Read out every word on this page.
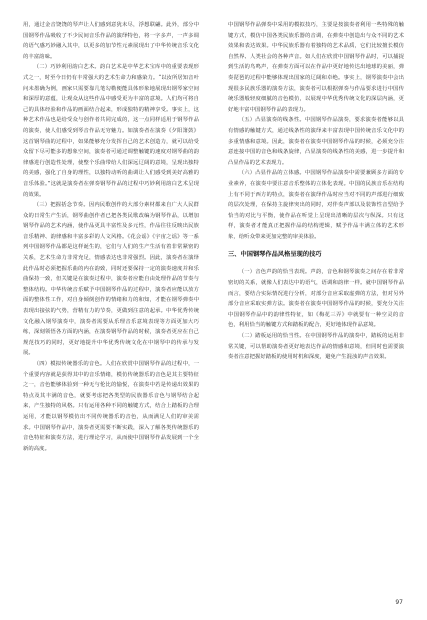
用，通过金音饶饶的琴声让人们感到意犹未尽，浮想联翩。此外，部分中国钢琴作品吸收了不少民间音乐作品的演绎特色，将一字多声，一声多调的语气感巧妙融入其中，以更多的加节性元素展现出了中华传统音乐文化的丰富韵味。

（二）巧妙利用韵白艺术。韵白艺术是中华艺术宝库中的重要表现形式之一，时至今日仍有丰常强大的艺术生命力和感染力。“以汝所居知音叶问未墨确为例，画家只需要靠几笔勾勒便能具体形象地展现出钢琴家空间和深厚的意蕴，让观众从这些作品中感受更为丰富的意境。人们均可将自己的具体经验和作品的画面结合起来，形成独特的精神享受。事实上，这种艺术作品也是给受众与创作者共同完成的，这一点同样适用于钢琴作品的演奏，使人们感受到琴音作品无穷魅力。如演奏者在演奏《夕阳箫鼓》这首钢琴曲的过程中，如果能够充分发挥自己的艺术创造力，就可以给受众留下尽可能多的想象空间，演奏者可通过调整触键的速度对钢琴曲的韵律感进行创造性处理，使整个乐曲带给人们深远辽阔的意境，呈现出独特的美感，强化了自身的理性，以独特动听的曲调让人们感受到美好高雅的音乐体验。”这就是演奏者在弹奏钢琴作品的过程中巧妙利用韵白艺术呈现的效果。

（三）把握括念节奏。因内民歌创作的大部分素材都来自广大人民群众的日常生产生活，钢琴曲创作者已把各类民歌改编为钢琴作品，以增加钢琴作品的艺术内涵，使作品更具丰富性及多元性，作品往往反映出民族音乐精神、韵律感和丰富多彩的人文风格。《花会谣》《宇宙之谣》等一系列中国钢琴作品都是这样诞生的，它们与人们的生产生活有着非常紧密的关系，艺术生命力非常充足，情感表达也非常强烈。因此，演奏者在演绎此作品时必须把握乐曲的内在韵致，同时还要保持一定的演奏速度并和乐曲保持一致，但关键是在演奏过程中，演奏者应能自由处理作品的节奏与整体结构。中华传统音乐赋予中国钢琴作品的过程中，演奏者应能以放方面的整体性工作，对自身倾倒创作的情绪和力的和知，才能在钢琴弹奏中表现出接弦的气势，营精有力的节奏，更做到注意的起承。中华优秀传统文化融入钢琴演奏中，演奏者需要从乐理音乐意境表现等方面更加大巧练，深刻领悟各方面的内涵，在演奏钢琴作品的时候，演奏者更应在自己规范技巧的同时，更好地提升中华优秀传统文化在中钢琴中的传承与发展。

（四）模拟传统器乐的音色。人们在欣赏中国钢琴作品的过程中，一个重要内容就是获得其中的音乐情绪，模仿传统器乐的音色是其主要特征之一，音色能够体验到一种无与伦比的愉悦，在演奏中若是传递出效果的特点及其丰满的音色，就要考虑把各类型的民族器乐音色与钢琴结合起来，产生独特的风格。只有运用各种不同的触键方式，结合上踏板的合理运用，才能以钢琴模仿出不同传统器乐的音色，从而满足人们的审美需求。中国钢琴作品中，演奏者更需要不断实践，深入了解各类传统器乐的音色特征和演奏方法，进行理论学习，从而使中国钢琴作品发展到一个全新的高度。

中国钢琴作品弹奏中采用的模拟技巧，主要是按演奏者利用一些特殊的触键方式，模仿中国各类民族乐器的音调，在弹奏中创造出与众不同的艺术效果和表达效果。中华民族乐器有着独特的艺术品质，它们比较擅长模仿自然界、人类社会的各种声音。如人们在欣赏中国钢琴作品时，可以捕捉到生活的鸟鸣声，在弹奏方面可以在作品中更好地传达出地球的美丽，弹奏琵琶的过程中能够体现出国家的辽阔和卓绝。事实上，钢琴演奏中会出现很多民族乐器的演奏方法，演奏者可以根据弹奏与作品要求进行中国传统乐器般轻度细腻的音色模仿，以展现中华优秀传统文化的深层内涵，更好地丰富中国钢琴作品的表现力。

（五）凸显演奏的线条性。中国钢琴作品演奏，要求演奏者能够以具有情感的触键方式，通过线条性的演绎来丰富表现中国传统音乐文化中的多重情感和意境。因此，演奏者在演奏中国钢琴作品的时候，必须充分注意连接中国的音色和线条旋律，凸显演奏的线条性的美感，进一步提升和凸显作品的艺术表现力。

（六）凸显作品的立体感。中国钢琴作品演奏中需要兼顾多方面的专业素养，在演奏中要注意音乐整体的立体化表现。中国的民族音乐在结构上有不同于西方的特点，演奏者在演绎作品时应当对不同的声部进行细致的层次处理，在保持主旋律突出的同时，对伴奏声部以及装饰性音型给予恰当的对比与平衡，使作品在听觉上呈现出清晰的层次与纵深。只有这样，演奏者才能真正把握作品的结构逻辑，赋予作品丰满立体的艺术形象，给听众带来更加完整的审美体验。

三、中国钢琴作品风格呈现的技巧

（一）音色声韵的恰当表现。声韵，音色和钢琴演奏之间存在着非常密切的关系，就像人们表达中的语气，语调和韵律一样。就中国钢琴作品而言，要结合实际情况进行分析，对部分音应采取虚弹的方法，但对另外部分音应采取实弹方法。演奏者在演奏中国钢琴作品的时候，要充分关注中国钢琴作品中的韵律性特征，如《梅花三弄》中就要有一种空灵的音色，利用恰当的触键方式和踏板的配合，更好地体现作品意境。

（二）踏板运用的恰当性。在中国钢琴作品的演奏中，踏板的运用非常关键，可以帮助演奏者更好地表达作品的情感和意境，但同时也需要演奏者注意把握好踏板的使用时机和深度，避免产生混浊的声音效果。

97
